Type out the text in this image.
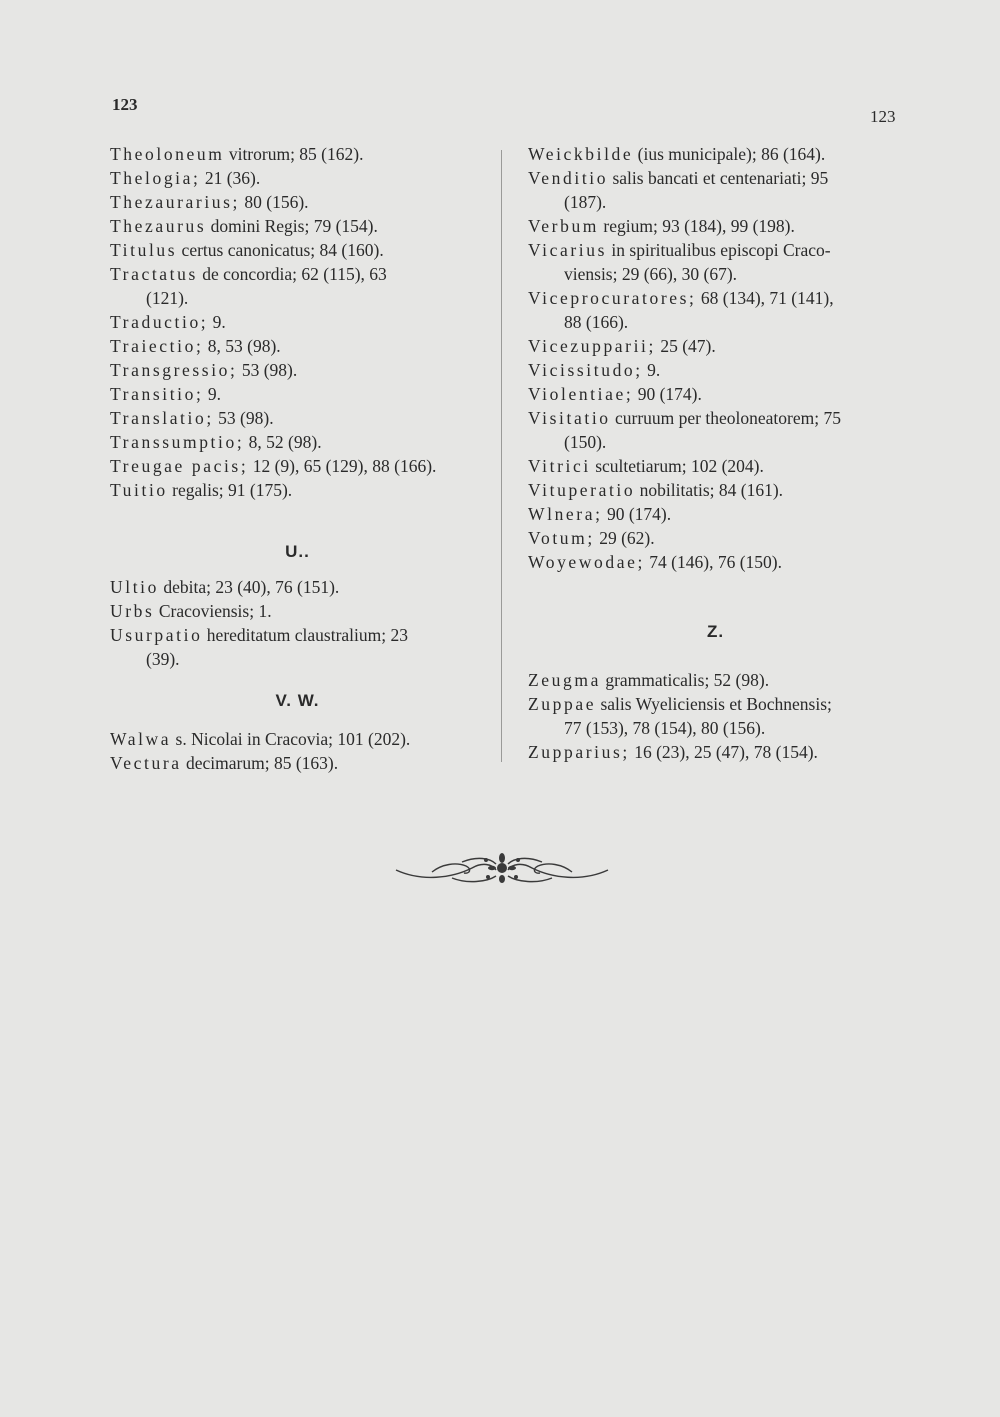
123
123

Theoloneum vitrorum; 85 (162).

Thelogia; 21 (36).

Thezaurarius; 80 (156).

Thezaurus domini Regis; 79 (154).

Titulus certus canonicatus; 84 (160).

Tractatus de concordia; 62 (115), 63
(121).

Traductio; 9.

Traiectio; 8, 53 (98).

Transgressio; 53 (98).

Transitio; 9.

Translatio; 53 (98).

Transsumptio; 8, 52 (98).

Treugae pacis; 12 (9), 65 (129), 88 (166).

Tuitio regalis; 91 (175).

U..

Ultio debita; 23 (40), 76 (151).

Urbs Cracoviensis; 1.

Usurpatio hereditatum claustralium; 23
(39).

V. W.

Walwa s. Nicolai in Cracovia; 101 (202).

Vectura decimarum; 85 (163).

Weickbilde (ius municipale); 86 (164).

Venditio salis bancati et centenariati; 95
(187).

Verbum regium; 93 (184), 99 (198).

Vicarius in spiritualibus episcopi Craco-
viensis; 29 (66), 30 (67).

Viceprocuratores; 68 (134), 71 (141),
88 (166).

Vicezupparii; 25 (47).

Vicissitudo; 9.

Violentiae; 90 (174).

Visitatio curruum per theoloneatorem; 75
(150).

Vitrici scultetiarum; 102 (204).

Vituperatio nobilitatis; 84 (161).

Wlnera; 90 (174).

Votum; 29 (62).

Woyewodae; 74 (146), 76 (150).

Z.

Zeugma grammaticalis; 52 (98).

Zuppae salis Wyeliciensis et Bochnensis;
77 (153), 78 (154), 80 (156).

Zupparius; 16 (23), 25 (47), 78 (154).
